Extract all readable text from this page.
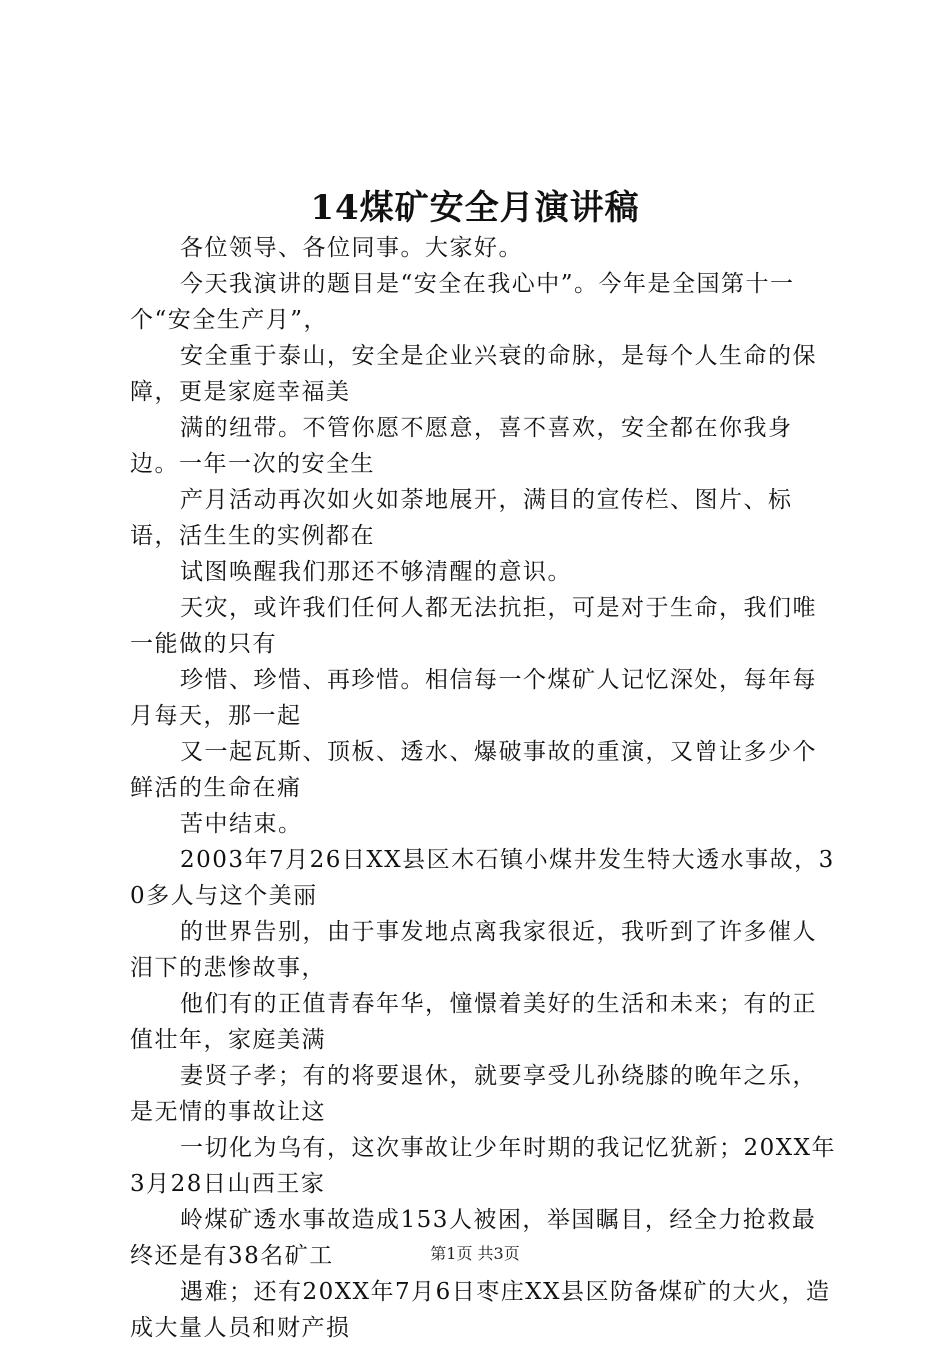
14煤矿安全月演讲稿

各位领导、各位同事。大家好。

今天我演讲的题目是“安全在我心中”。今年是全国第十一个“安全生产月”，

安全重于泰山，安全是企业兴衰的命脉，是每个人生命的保障，更是家庭幸福美

满的纽带。不管你愿不愿意，喜不喜欢，安全都在你我身边。一年一次的安全生

产月活动再次如火如荼地展开，满目的宣传栏、图片、标语，活生生的实例都在

试图唤醒我们那还不够清醒的意识。

天灾，或许我们任何人都无法抗拒，可是对于生命，我们唯一能做的只有

珍惜、珍惜、再珍惜。相信每一个煤矿人记忆深处，每年每月每天，那一起

又一起瓦斯、顶板、透水、爆破事故的重演，又曾让多少个鲜活的生命在痛

苦中结束。

2003年7月26日XX县区木石镇小煤井发生特大透水事故，30多人与这个美丽

的世界告别，由于事发地点离我家很近，我听到了许多催人泪下的悲惨故事，

他们有的正值青春年华，憧憬着美好的生活和未来；有的正值壮年，家庭美满

妻贤子孝；有的将要退休，就要享受儿孙绕膝的晚年之乐，是无情的事故让这

一切化为乌有，这次事故让少年时期的我记忆犹新；20XX年3月28日山西王家

岭煤矿透水事故造成153人被困，举国瞩目，经全力抢救最终还是有38名矿工

遇难；还有20XX年7月6日枣庄XX县区防备煤矿的大火，造成大量人员和财产损

第1页 共3页
